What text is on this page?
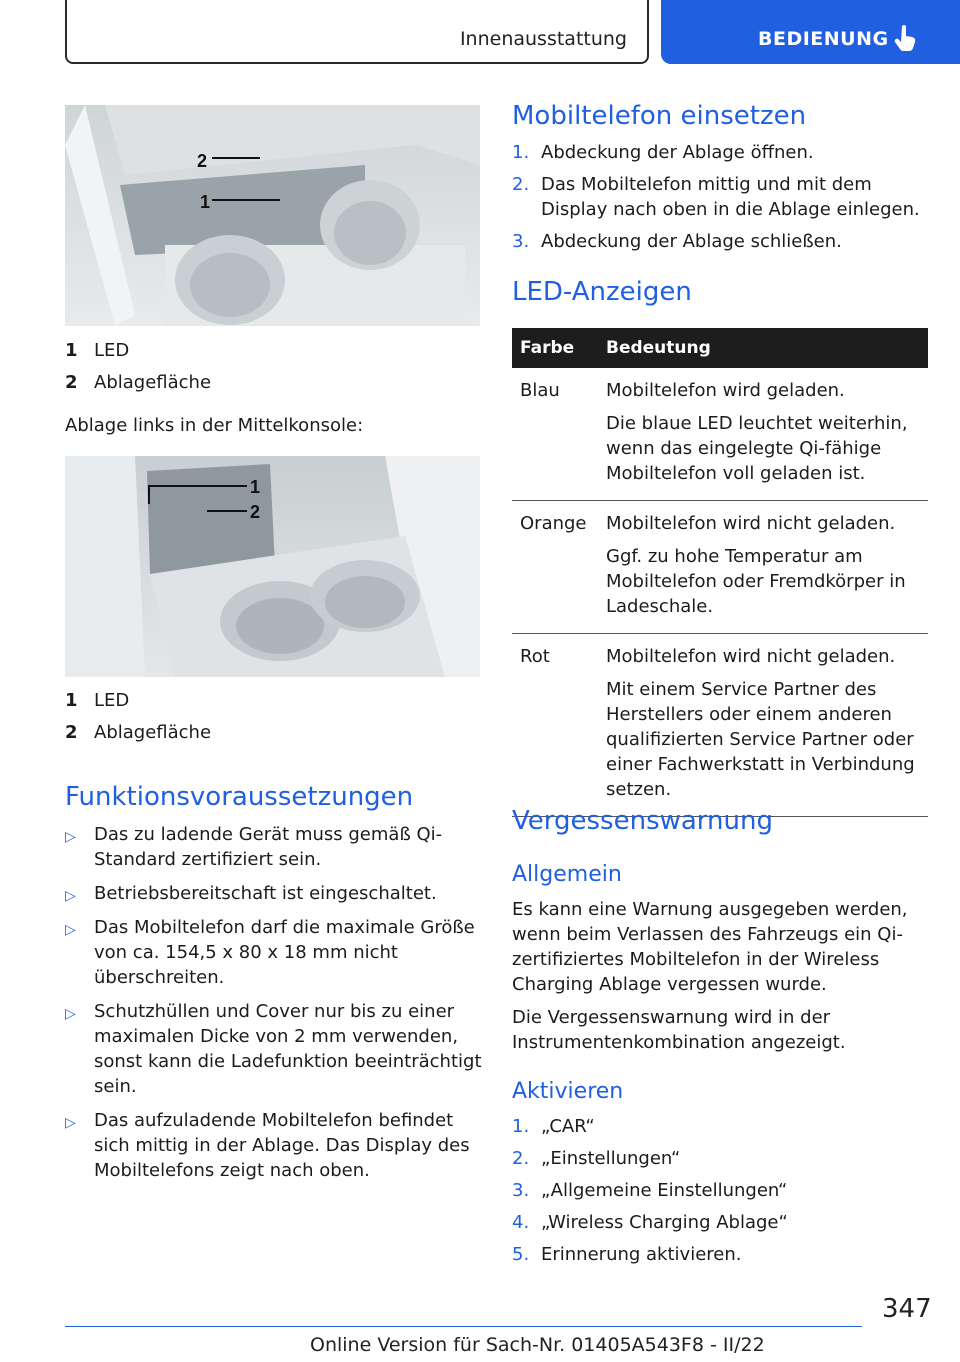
Innenausstattung	BEDIENUNG
2
1
1 LED
2 Ablagefläche
Ablage links in der Mittelkonsole:
1
2
1 LED
2 Ablagefläche
Funktionsvoraussetzungen
▷ Das zu ladende Gerät muss gemäß Qi-Standard zertifiziert sein.
▷ Betriebsbereitschaft ist eingeschaltet.
▷ Das Mobiltelefon darf die maximale Größe von ca. 154,5 x 80 x 18 mm nicht überschreiten.
▷ Schutzhüllen und Cover nur bis zu einer maximalen Dicke von 2 mm verwenden, sonst kann die Ladefunktion beeinträchtigt sein.
▷ Das aufzuladende Mobiltelefon befindet sich mittig in der Ablage. Das Display des Mobiltelefons zeigt nach oben.
Mobiltelefon einsetzen
1. Abdeckung der Ablage öffnen.
2. Das Mobiltelefon mittig und mit dem Display nach oben in die Ablage einlegen.
3. Abdeckung der Ablage schließen.
LED-Anzeigen
Farbe	Bedeutung
Blau	Mobiltelefon wird geladen.
Die blaue LED leuchtet weiterhin, wenn das eingelegte Qi-fähige Mobiltelefon voll geladen ist.

Orange	Mobiltelefon wird nicht geladen.
Ggf. zu hohe Temperatur am Mobiltelefon oder Fremdkörper in Ladeschale.

Rot	Mobiltelefon wird nicht geladen.
Mit einem Service Partner des Herstellers oder einem anderen qualifizierten Service Partner oder einer Fachwerkstatt in Verbindung setzen.
Vergessenswarnung
Allgemein
Es kann eine Warnung ausgegeben werden, wenn beim Verlassen des Fahrzeugs ein Qi-zertifiziertes Mobiltelefon in der Wireless Charging Ablage vergessen wurde.
Die Vergessenswarnung wird in der Instrumentenkombination angezeigt.
Aktivieren
1. „CAR“
2. „Einstellungen“
3. „Allgemeine Einstellungen“
4. „Wireless Charging Ablage“
5. Erinnerung aktivieren.
347
Online Version für Sach-Nr. 01405A543F8 - II/22
